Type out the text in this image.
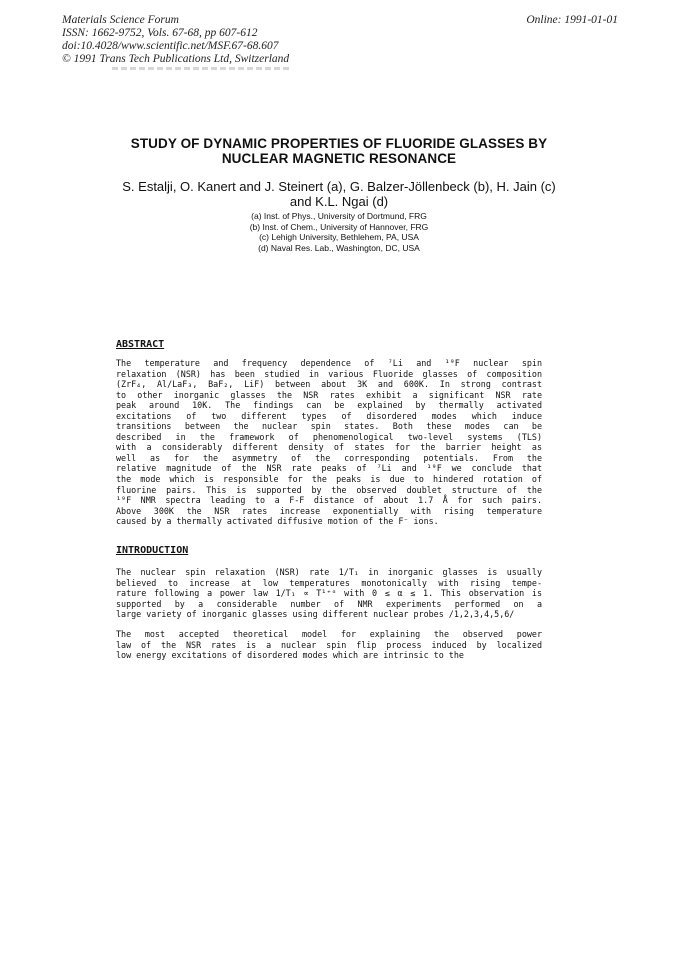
Materials Science Forum
ISSN: 1662-9752, Vols. 67-68, pp 607-612
doi:10.4028/www.scientific.net/MSF.67-68.607
© 1991 Trans Tech Publications Ltd, Switzerland
Online: 1991-01-01
STUDY OF DYNAMIC PROPERTIES OF FLUORIDE GLASSES BY
NUCLEAR MAGNETIC RESONANCE
S. Estalji, O. Kanert and J. Steinert (a), G. Balzer-Jöllenbeck (b), H. Jain (c)
and K.L. Ngai (d)
(a) Inst. of Phys., University of Dortmund, FRG
(b) Inst. of Chem., University of Hannover, FRG
(c) Lehigh University, Bethlehem, PA, USA
(d) Naval Res. Lab., Washington, DC, USA
ABSTRACT
The temperature and frequency dependence of ⁷Li and ¹⁹F nuclear spin
relaxation (NSR) has been studied in various Fluoride glasses of composition
(ZrF₄, Al/LaF₃, BaF₂, LiF) between about 3K and 600K. In strong contrast
to other inorganic glasses the NSR rates exhibit a significant NSR rate
peak around 10K. The findings can be explained by thermally activated
excitations of two different types of disordered modes which induce
transitions between the nuclear spin states. Both these modes can be
described in the framework of phenomenological two-level systems (TLS)
with a considerably different density of states for the barrier height as
well as for the asymmetry of the corresponding potentials. From the
relative magnitude of the NSR rate peaks of ⁷Li and ¹⁹F we conclude that
the mode which is responsible for the peaks is due to hindered rotation of
fluorine pairs. This is supported by the observed doublet structure of the
¹⁹F NMR spectra leading to a F-F distance of about 1.7 Å for such pairs.
Above 300K the NSR rates increase exponentially with rising temperature
caused by a thermally activated diffusive motion of the F⁻ ions.
INTRODUCTION
The nuclear spin relaxation (NSR) rate 1/T₁ in inorganic glasses is usually
believed to increase at low temperatures monotonically with rising tempe-
rature following a power law 1/T₁ ∝ T¹⁺ᵅ with 0 ≲ α ≲ 1. This observation is
supported by a considerable number of NMR experiments performed on a
large variety of inorganic glasses using different nuclear probes /1,2,3,4,5,6/
The most accepted theoretical model for explaining the observed power
law of the NSR rates is a nuclear spin flip process induced by localized
low energy excitations of disordered modes which are intrinsic to the
